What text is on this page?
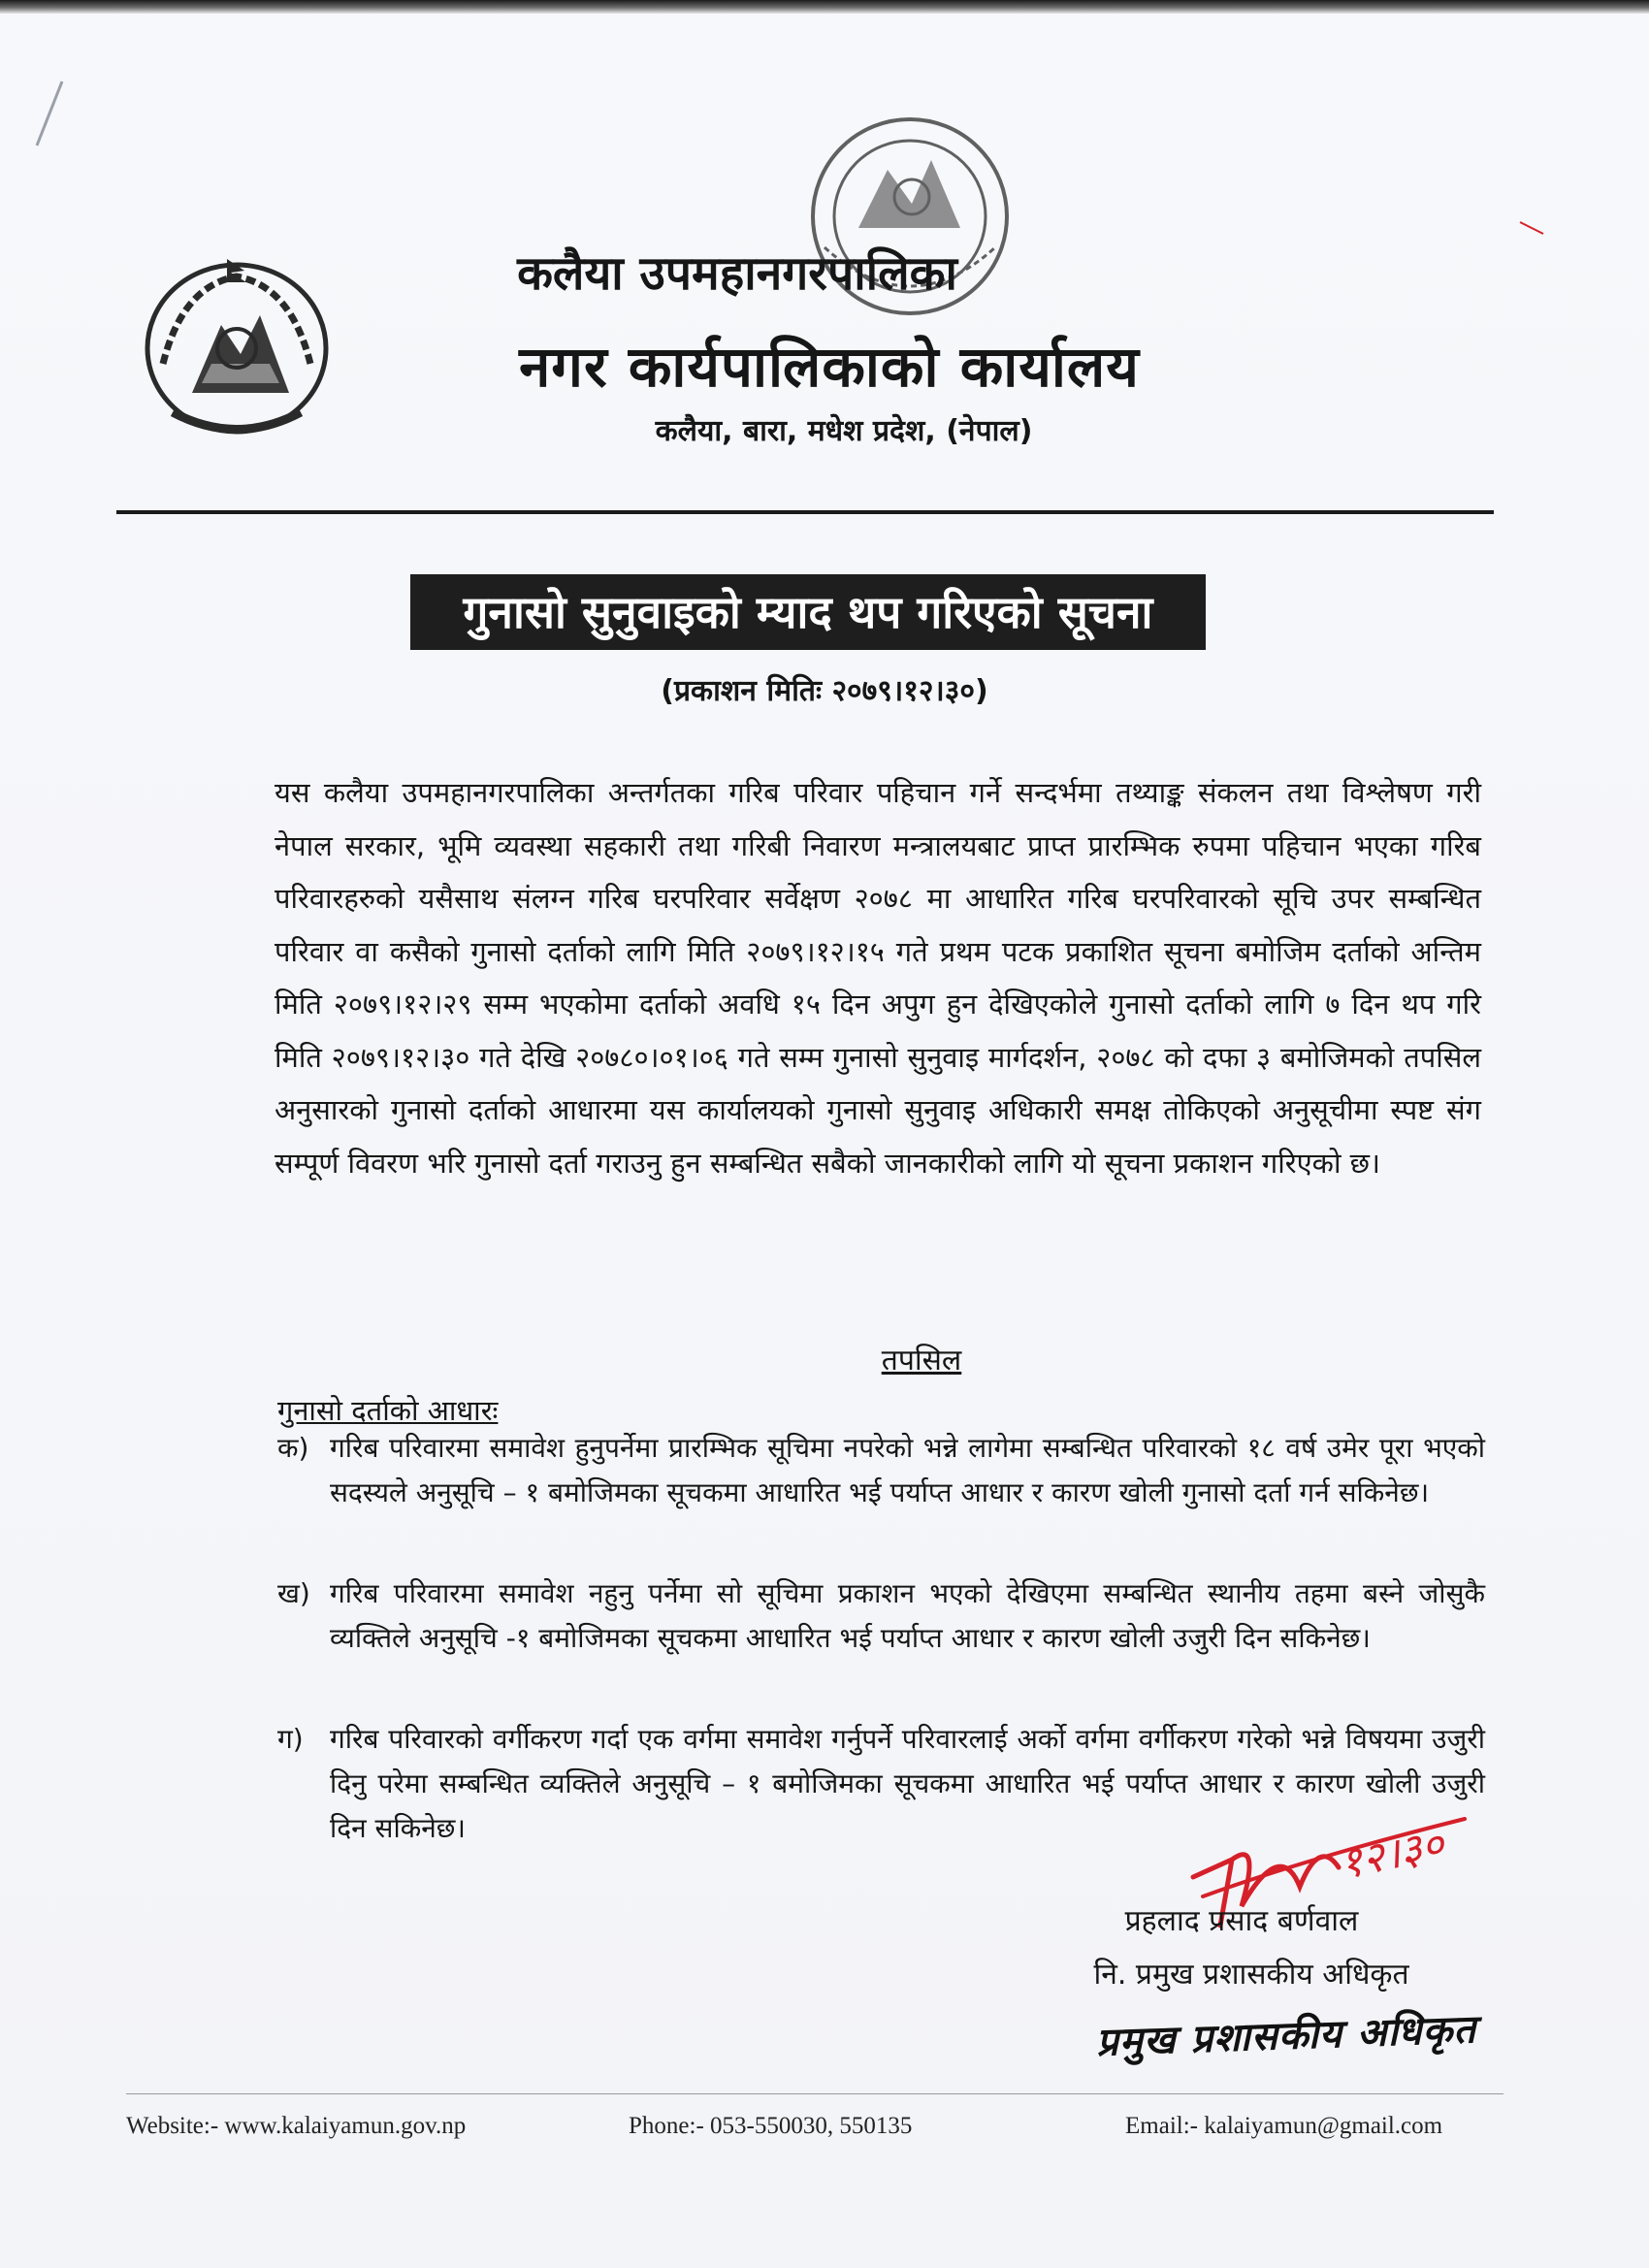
कलैया उपमहानगरपालिका
नगर कार्यपालिकाको कार्यालय
कलैया, बारा, मधेश प्रदेश, (नेपाल)
गुनासो सुनुवाइको म्याद थप गरिएको सूचना
(प्रकाशन मितिः २०७९।१२।३०)
यस कलैया उपमहानगरपालिका अन्तर्गतका गरिब परिवार पहिचान गर्ने सन्दर्भमा तथ्याङ्क संकलन तथा विश्लेषण गरी नेपाल सरकार, भूमि व्यवस्था सहकारी तथा गरिबी निवारण मन्त्रालयबाट प्राप्त प्रारम्भिक रुपमा पहिचान भएका गरिब परिवारहरुको यसैसाथ संलग्न गरिब घरपरिवार सर्वेक्षण २०७८ मा आधारित गरिब घरपरिवारको सूचि उपर सम्बन्धित परिवार वा कसैको गुनासो दर्ताको लागि मिति २०७९।१२।१५ गते प्रथम पटक प्रकाशित सूचना बमोजिम दर्ताको अन्तिम मिति २०७९।१२।२९ सम्म भएकोमा दर्ताको अवधि १५ दिन अपुग हुन देखिएकोले गुनासो दर्ताको लागि ७ दिन थप गरि मिति २०७९।१२।३० गते देखि २०७८०।०१।०६ गते सम्म गुनासो सुनुवाइ मार्गदर्शन, २०७८ को दफा ३ बमोजिमको तपसिल अनुसारको गुनासो दर्ताको आधारमा यस कार्यालयको गुनासो सुनुवाइ अधिकारी समक्ष तोकिएको अनुसूचीमा स्पष्ट संग सम्पूर्ण विवरण भरि गुनासो दर्ता गराउनु हुन सम्बन्धित सबैको जानकारीको लागि यो सूचना प्रकाशन गरिएको छ।
तपसिल
गुनासो दर्ताको आधारः
क) गरिब परिवारमा समावेश हुनुपर्नेमा प्रारम्भिक सूचिमा नपरेको भन्ने लागेमा सम्बन्धित परिवारको १८ वर्ष उमेर पूरा भएको सदस्यले अनुसूचि – १ बमोजिमका सूचकमा आधारित भई पर्याप्त आधार र कारण खोली गुनासो दर्ता गर्न सकिनेछ।
ख) गरिब परिवारमा समावेश नहुनु पर्नेमा सो सूचिमा प्रकाशन भएको देखिएमा सम्बन्धित स्थानीय तहमा बस्ने जोसुकै व्यक्तिले अनुसूचि -१ बमोजिमका सूचकमा आधारित भई पर्याप्त आधार र कारण खोली उजुरी दिन सकिनेछ।
ग) गरिब परिवारको वर्गीकरण गर्दा एक वर्गमा समावेश गर्नुपर्ने परिवारलाई अर्को वर्गमा वर्गीकरण गरेको भन्ने विषयमा उजुरी दिनु परेमा सम्बन्धित व्यक्तिले अनुसूचि – १ बमोजिमका सूचकमा आधारित भई पर्याप्त आधार र कारण खोली उजुरी दिन सकिनेछ।	१२।३०
प्रहलाद प्रसाद बर्णवाल
नि. प्रमुख प्रशासकीय अधिकृत
प्रमुख प्रशासकीय अधिकृत
Website:- www.kalaiyamun.gov.np	Phone:- 053-550030, 550135	Email:- kalaiyamun@gmail.com
